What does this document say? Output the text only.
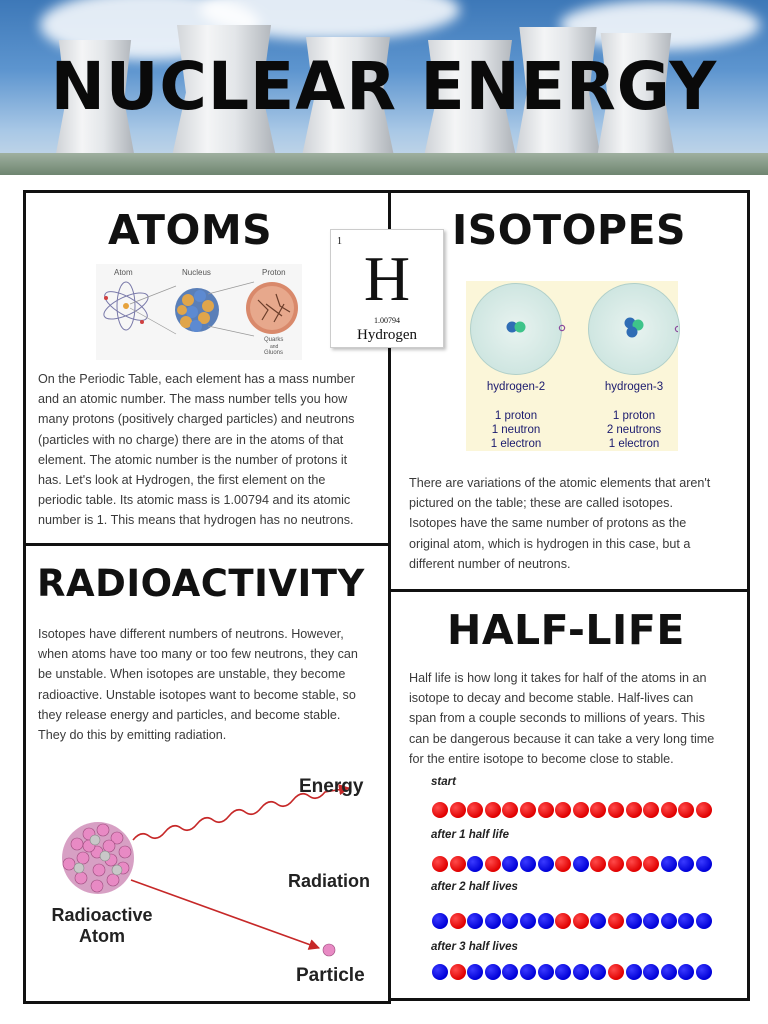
NUCLEAR ENERGY
ATOMS
Atom	Nucleus	Proton
Quarks
and
Gluons
1
H
1.00794
Hydrogen
On the Periodic Table, each element has a mass number
and an atomic number. The mass number tells you how
many protons (positively charged particles) and neutrons
(particles with no charge) there are in the atoms of that
element. The atomic number is the number of protons it
has. Let's look at Hydrogen, the first element on the
periodic table. Its atomic mass is 1.00794 and its atomic
number is 1. This means that hydrogen has no neutrons.
ISOTOPES
hydrogen-2	hydrogen-3
1 proton
1 neutron
1 electron
1 proton
2 neutrons
1 electron
There are variations of the atomic elements that aren't
pictured on the table; these are called isotopes.
Isotopes have the same number of protons as the
original atom, which is hydrogen in this case, but a
different number of neutrons.
RADIOACTIVITY
Isotopes have different numbers of neutrons. However,
when atoms have too many or too few neutrons, they can
be unstable. When isotopes are unstable, they become
radioactive. Unstable isotopes want to become stable, so
they release energy and particles, and become stable.
They do this by emitting radiation.
Energy
Radiation
Radioactive
Atom
Particle
HALF-LIFE
Half life is how long it takes for half of the atoms in an
isotope to decay and become stable. Half-lives can
span from a couple seconds to millions of years. This
can be dangerous because it can take a very long time
for the entire isotope to become close to stable.
start
after 1 half life
after 2 half lives
after 3 half lives
